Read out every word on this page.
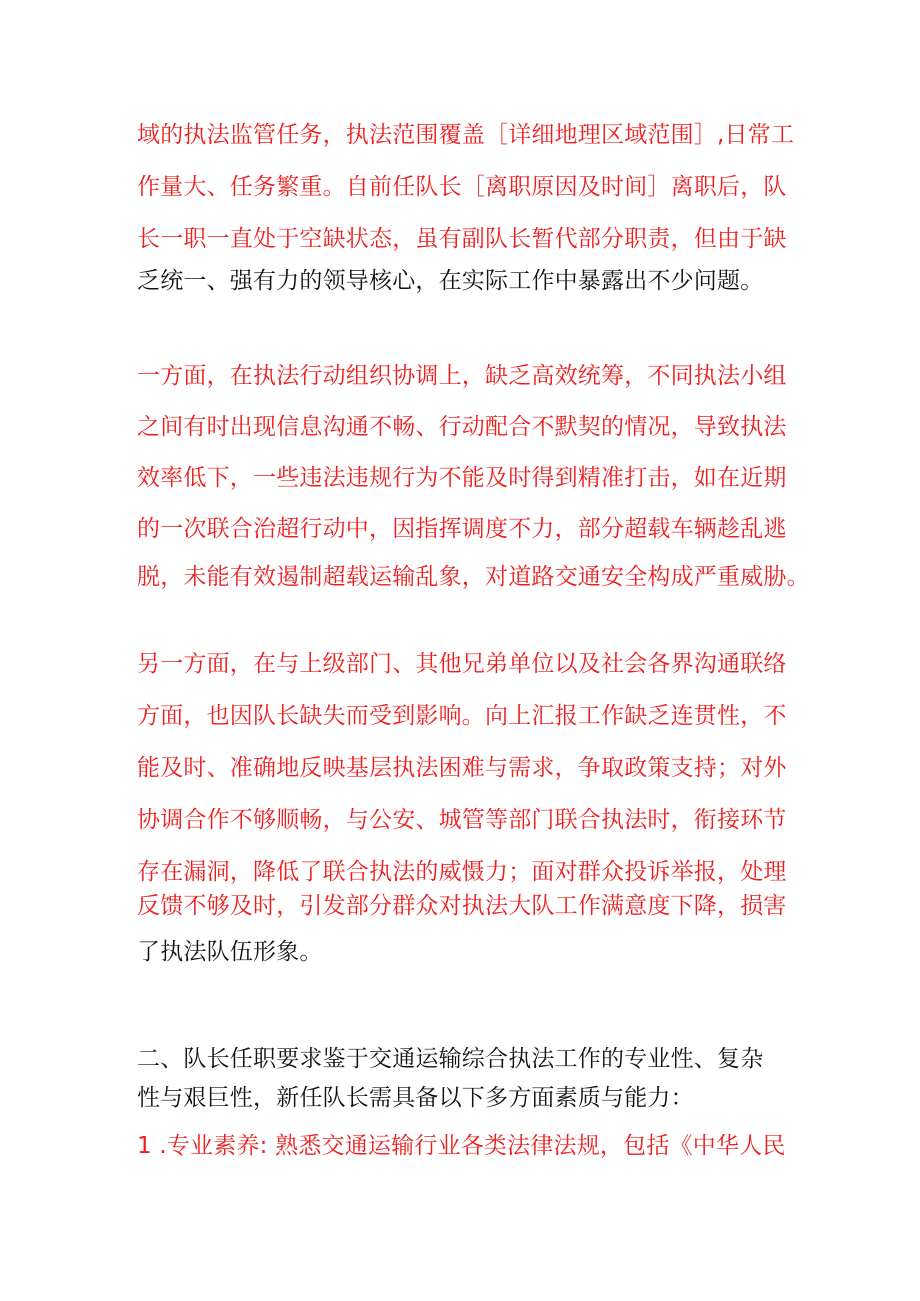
域的执法监管任务，执法范围覆盖［详细地理区域范围］,日常工

作量大、任务繁重。自前任队长［离职原因及时间］离职后，队

长一职一直处于空缺状态，虽有副队长暂代部分职责，但由于缺

乏统一、强有力的领导核心，在实际工作中暴露出不少问题。

一方面，在执法行动组织协调上，缺乏高效统筹，不同执法小组

之间有时出现信息沟通不畅、行动配合不默契的情况，导致执法

效率低下，一些违法违规行为不能及时得到精准打击，如在近期

的一次联合治超行动中，因指挥调度不力，部分超载车辆趁乱逃

脱，未能有效遏制超载运输乱象，对道路交通安全构成严重威胁。

另一方面，在与上级部门、其他兄弟单位以及社会各界沟通联络

方面，也因队长缺失而受到影响。向上汇报工作缺乏连贯性，不

能及时、准确地反映基层执法困难与需求，争取政策支持；对外

协调合作不够顺畅，与公安、城管等部门联合执法时，衔接环节

存在漏洞，降低了联合执法的威慑力；面对群众投诉举报，处理

反馈不够及时，引发部分群众对执法大队工作满意度下降，损害

了执法队伍形象。

二、队长任职要求鉴于交通运输综合执法工作的专业性、复杂

性与艰巨性，新任队长需具备以下多方面素质与能力：

1 .专业素养: 熟悉交通运输行业各类法律法规，包括《中华人民
